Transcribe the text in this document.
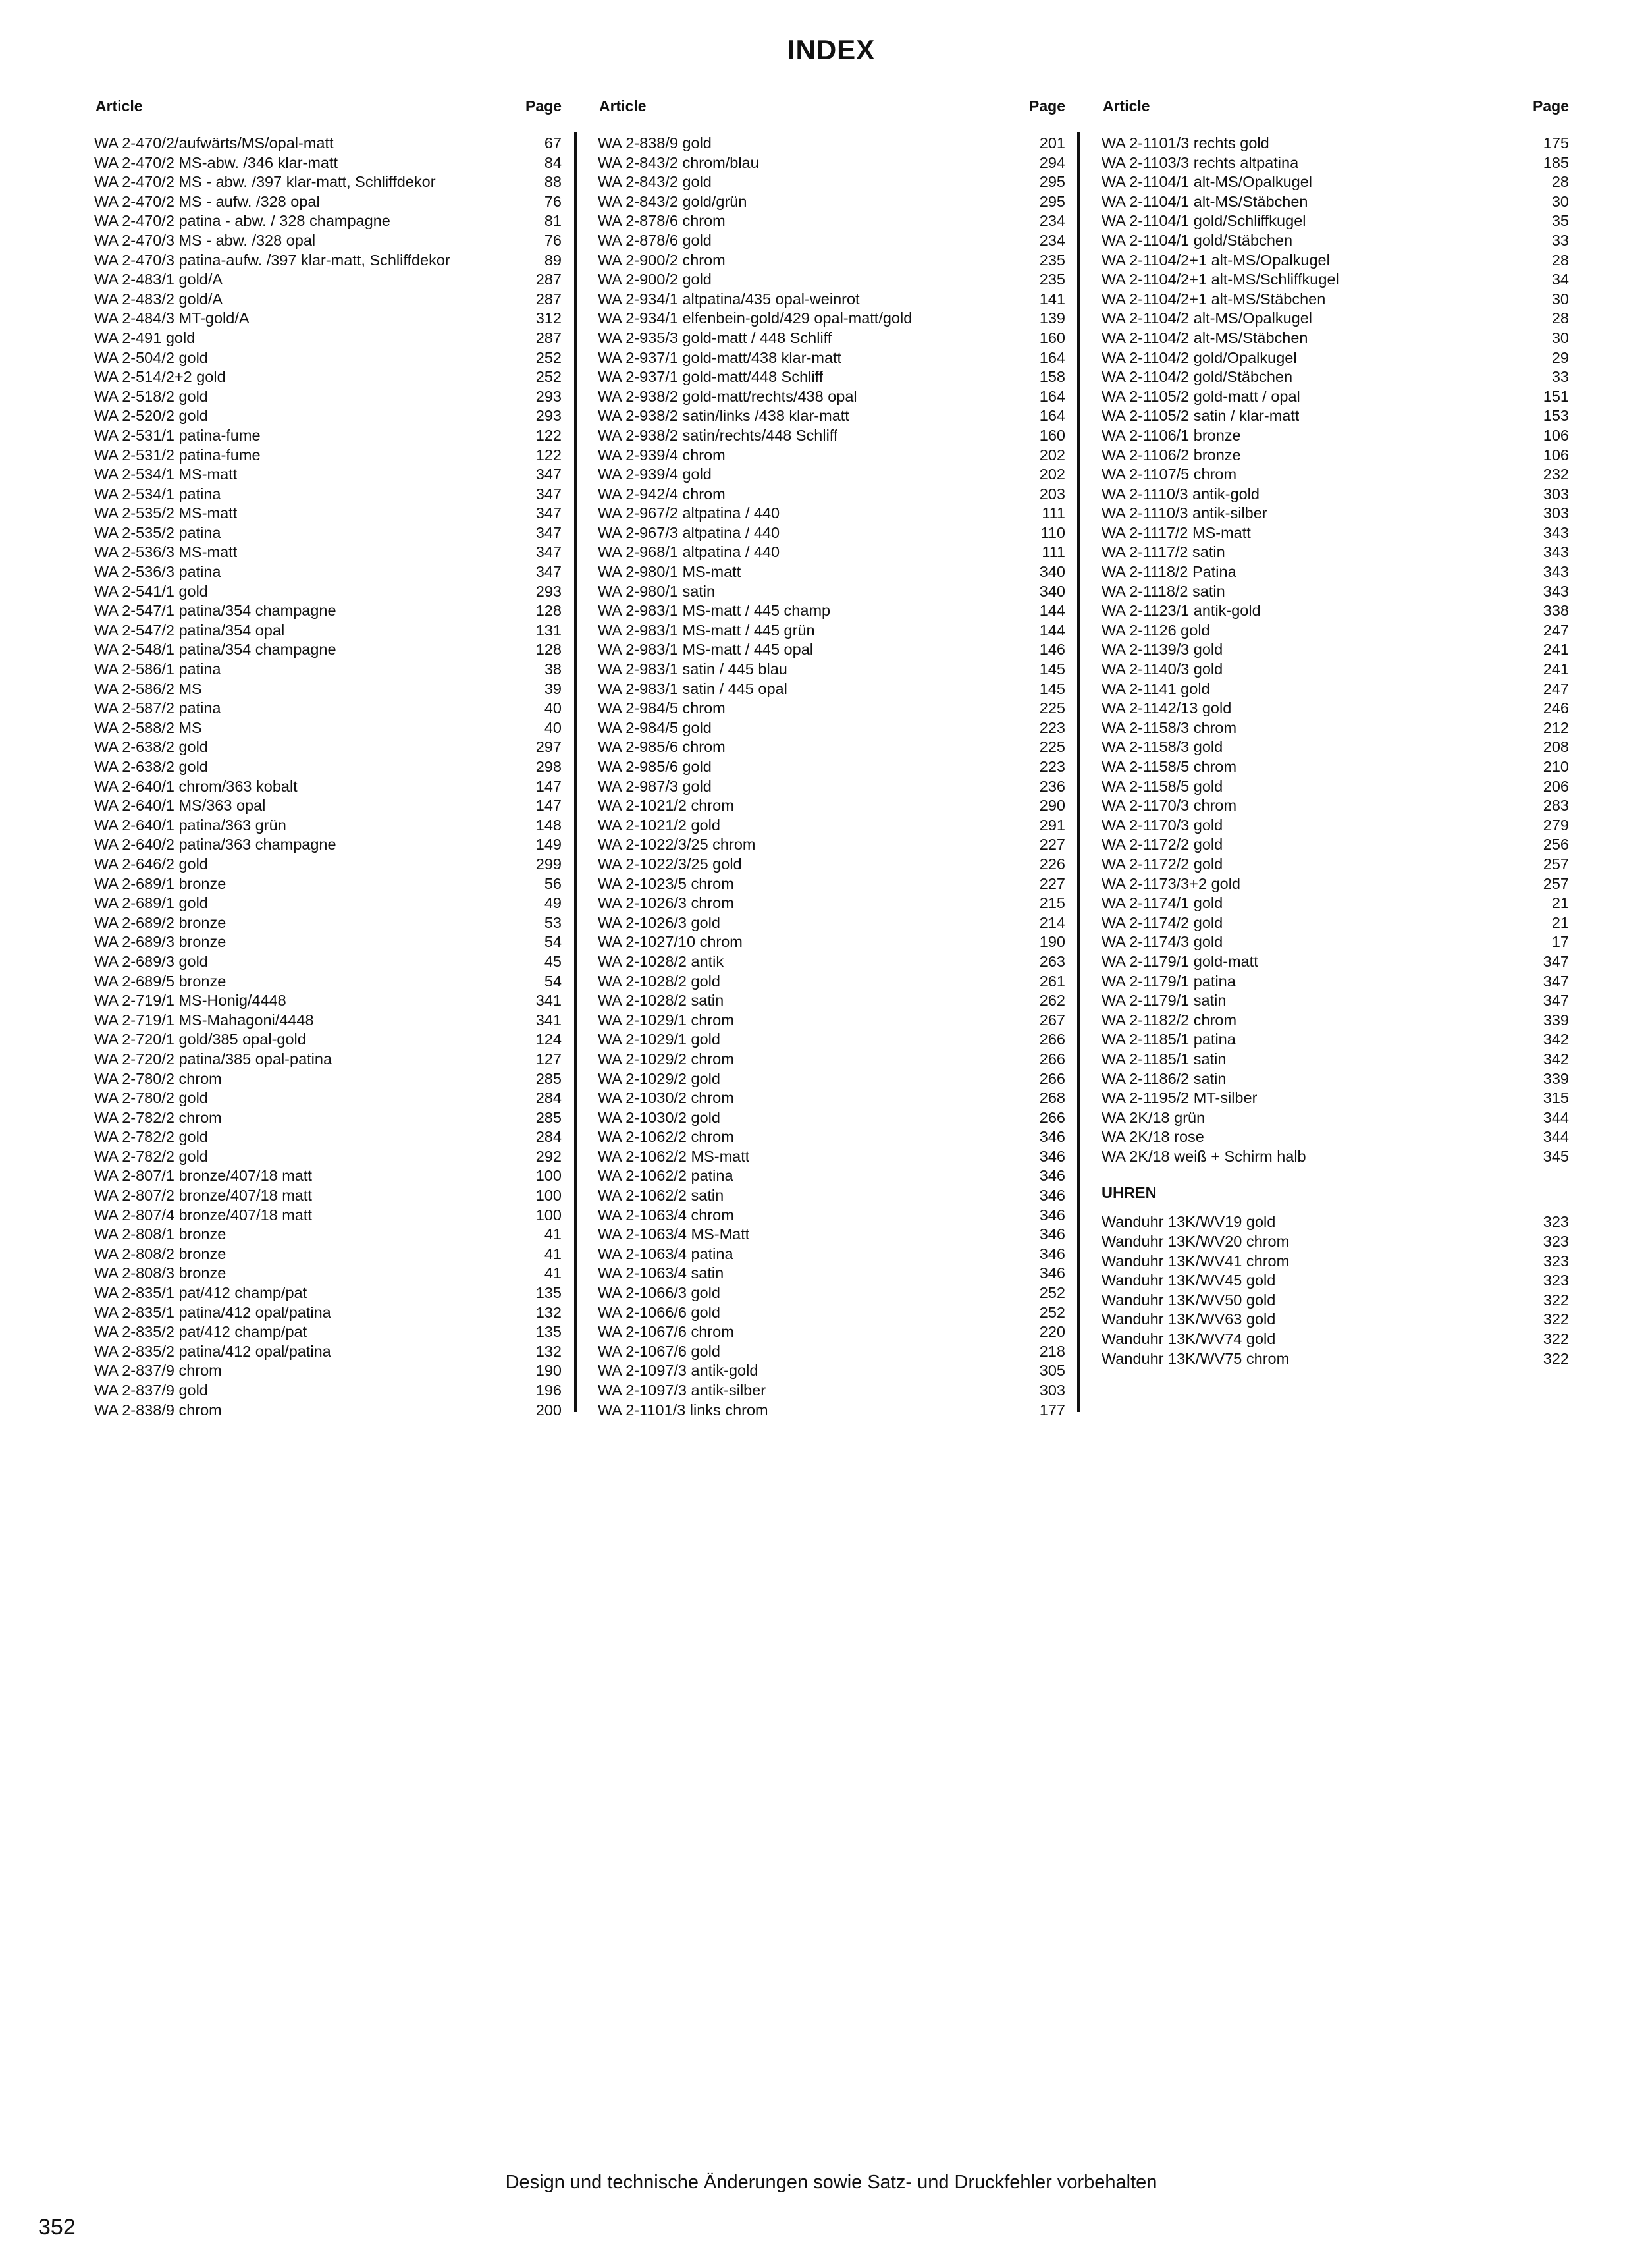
INDEX
Article	Page
WA 2-470/2/aufwärts/MS/opal-matt	67
WA 2-470/2 MS-abw. /346 klar-matt	84
WA 2-470/2 MS - abw. /397 klar-matt, Schliffdekor	88
WA 2-470/2 MS - aufw. /328 opal	76
WA 2-470/2 patina - abw. / 328 champagne	81
WA 2-470/3 MS - abw. /328 opal	76
WA 2-470/3 patina-aufw. /397 klar-matt, Schliffdekor	89
WA 2-483/1 gold/A	287
WA 2-483/2 gold/A	287
WA 2-484/3 MT-gold/A	312
WA 2-491 gold	287
WA 2-504/2 gold	252
WA 2-514/2+2 gold	252
WA 2-518/2 gold	293
WA 2-520/2 gold	293
WA 2-531/1 patina-fume	122
WA 2-531/2 patina-fume	122
WA 2-534/1 MS-matt	347
WA 2-534/1 patina	347
WA 2-535/2 MS-matt	347
WA 2-535/2 patina	347
WA 2-536/3 MS-matt	347
WA 2-536/3 patina	347
WA 2-541/1 gold	293
WA 2-547/1 patina/354 champagne	128
WA 2-547/2 patina/354 opal	131
WA 2-548/1 patina/354 champagne	128
WA 2-586/1 patina	38
WA 2-586/2 MS	39
WA 2-587/2 patina	40
WA 2-588/2 MS	40
WA 2-638/2 gold	297
WA 2-638/2 gold	298
WA 2-640/1 chrom/363 kobalt	147
WA 2-640/1 MS/363 opal	147
WA 2-640/1 patina/363 grün	148
WA 2-640/2 patina/363 champagne	149
WA 2-646/2 gold	299
WA 2-689/1 bronze	56
WA 2-689/1 gold	49
WA 2-689/2 bronze	53
WA 2-689/3 bronze	54
WA 2-689/3 gold	45
WA 2-689/5 bronze	54
WA 2-719/1 MS-Honig/4448	341
WA 2-719/1 MS-Mahagoni/4448	341
WA 2-720/1 gold/385 opal-gold	124
WA 2-720/2 patina/385 opal-patina	127
WA 2-780/2 chrom	285
WA 2-780/2 gold	284
WA 2-782/2 chrom	285
WA 2-782/2 gold	284
WA 2-782/2 gold	292
WA 2-807/1 bronze/407/18 matt	100
WA 2-807/2 bronze/407/18 matt	100
WA 2-807/4 bronze/407/18 matt	100
WA 2-808/1 bronze	41
WA 2-808/2 bronze	41
WA 2-808/3 bronze	41
WA 2-835/1 pat/412 champ/pat	135
WA 2-835/1 patina/412 opal/patina	132
WA 2-835/2 pat/412 champ/pat	135
WA 2-835/2 patina/412 opal/patina	132
WA 2-837/9 chrom	190
WA 2-837/9 gold	196
WA 2-838/9 chrom	200
Article	Page
WA 2-838/9 gold	201
WA 2-843/2 chrom/blau	294
WA 2-843/2 gold	295
WA 2-843/2 gold/grün	295
WA 2-878/6 chrom	234
WA 2-878/6 gold	234
WA 2-900/2 chrom	235
WA 2-900/2 gold	235
WA 2-934/1 altpatina/435 opal-weinrot	141
WA 2-934/1 elfenbein-gold/429 opal-matt/gold	139
WA 2-935/3 gold-matt / 448 Schliff	160
WA 2-937/1 gold-matt/438 klar-matt	164
WA 2-937/1 gold-matt/448 Schliff	158
WA 2-938/2 gold-matt/rechts/438 opal	164
WA 2-938/2 satin/links /438 klar-matt	164
WA 2-938/2 satin/rechts/448 Schliff	160
WA 2-939/4 chrom	202
WA 2-939/4 gold	202
WA 2-942/4 chrom	203
WA 2-967/2 altpatina / 440	111
WA 2-967/3 altpatina / 440	110
WA 2-968/1 altpatina / 440	111
WA 2-980/1 MS-matt	340
WA 2-980/1 satin	340
WA 2-983/1 MS-matt / 445 champ	144
WA 2-983/1 MS-matt / 445 grün	144
WA 2-983/1 MS-matt / 445 opal	146
WA 2-983/1 satin / 445 blau	145
WA 2-983/1 satin / 445 opal	145
WA 2-984/5 chrom	225
WA 2-984/5 gold	223
WA 2-985/6 chrom	225
WA 2-985/6 gold	223
WA 2-987/3 gold	236
WA 2-1021/2 chrom	290
WA 2-1021/2 gold	291
WA 2-1022/3/25 chrom	227
WA 2-1022/3/25 gold	226
WA 2-1023/5 chrom	227
WA 2-1026/3 chrom	215
WA 2-1026/3 gold	214
WA 2-1027/10 chrom	190
WA 2-1028/2 antik	263
WA 2-1028/2 gold	261
WA 2-1028/2 satin	262
WA 2-1029/1 chrom	267
WA 2-1029/1 gold	266
WA 2-1029/2 chrom	266
WA 2-1029/2 gold	266
WA 2-1030/2 chrom	268
WA 2-1030/2 gold	266
WA 2-1062/2 chrom	346
WA 2-1062/2 MS-matt	346
WA 2-1062/2 patina	346
WA 2-1062/2 satin	346
WA 2-1063/4 chrom	346
WA 2-1063/4 MS-Matt	346
WA 2-1063/4 patina	346
WA 2-1063/4 satin	346
WA 2-1066/3 gold	252
WA 2-1066/6 gold	252
WA 2-1067/6 chrom	220
WA 2-1067/6 gold	218
WA 2-1097/3 antik-gold	305
WA 2-1097/3 antik-silber	303
WA 2-1101/3 links chrom	177
Article	Page
WA 2-1101/3 rechts gold	175
WA 2-1103/3 rechts altpatina	185
WA 2-1104/1 alt-MS/Opalkugel	28
WA 2-1104/1 alt-MS/Stäbchen	30
WA 2-1104/1 gold/Schliffkugel	35
WA 2-1104/1 gold/Stäbchen	33
WA 2-1104/2+1 alt-MS/Opalkugel	28
WA 2-1104/2+1 alt-MS/Schliffkugel	34
WA 2-1104/2+1 alt-MS/Stäbchen	30
WA 2-1104/2 alt-MS/Opalkugel	28
WA 2-1104/2 alt-MS/Stäbchen	30
WA 2-1104/2 gold/Opalkugel	29
WA 2-1104/2 gold/Stäbchen	33
WA 2-1105/2 gold-matt / opal	151
WA 2-1105/2 satin / klar-matt	153
WA 2-1106/1 bronze	106
WA 2-1106/2 bronze	106
WA 2-1107/5 chrom	232
WA 2-1110/3 antik-gold	303
WA 2-1110/3 antik-silber	303
WA 2-1117/2 MS-matt	343
WA 2-1117/2 satin	343
WA 2-1118/2 Patina	343
WA 2-1118/2 satin	343
WA 2-1123/1 antik-gold	338
WA 2-1126 gold	247
WA 2-1139/3 gold	241
WA 2-1140/3 gold	241
WA 2-1141 gold	247
WA 2-1142/13 gold	246
WA 2-1158/3 chrom	212
WA 2-1158/3 gold	208
WA 2-1158/5 chrom	210
WA 2-1158/5 gold	206
WA 2-1170/3 chrom	283
WA 2-1170/3 gold	279
WA 2-1172/2 gold	256
WA 2-1172/2 gold	257
WA 2-1173/3+2 gold	257
WA 2-1174/1 gold	21
WA 2-1174/2 gold	21
WA 2-1174/3 gold	17
WA 2-1179/1 gold-matt	347
WA 2-1179/1 patina	347
WA 2-1179/1 satin	347
WA 2-1182/2 chrom	339
WA 2-1185/1 patina	342
WA 2-1185/1 satin	342
WA 2-1186/2 satin	339
WA 2-1195/2 MT-silber	315
WA 2K/18 grün	344
WA 2K/18 rose	344
WA 2K/18 weiß + Schirm halb	345
UHREN
Wanduhr 13K/WV19 gold	323
Wanduhr 13K/WV20 chrom	323
Wanduhr 13K/WV41 chrom	323
Wanduhr 13K/WV45 gold	323
Wanduhr 13K/WV50 gold	322
Wanduhr 13K/WV63 gold	322
Wanduhr 13K/WV74 gold	322
Wanduhr 13K/WV75 chrom	322
Design und technische Änderungen sowie Satz- und Druckfehler vorbehalten
352
